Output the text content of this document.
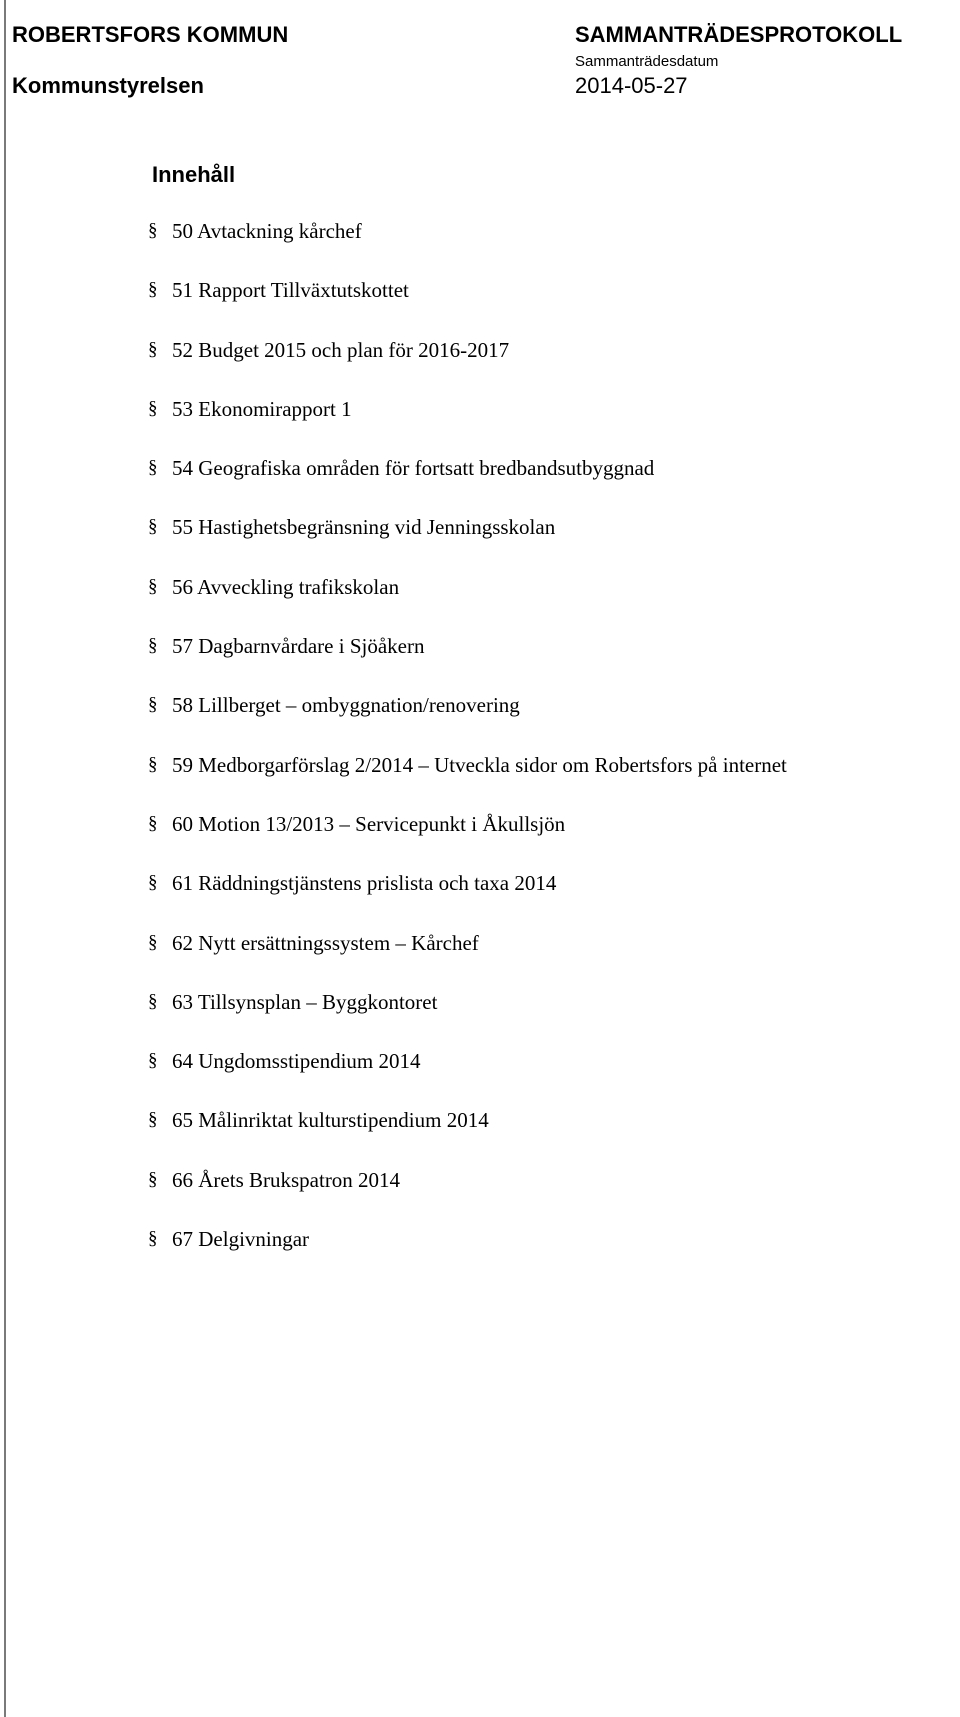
ROBERTSFORS KOMMUN
Kommunstyrelsen
SAMMANTRÄDESPROTOKOLL
Sammanträdesdatum
2014-05-27
Innehåll
§ 50 Avtackning kårchef
§ 51 Rapport Tillväxtutskottet
§ 52 Budget 2015 och plan för 2016-2017
§ 53 Ekonomirapport 1
§ 54 Geografiska områden för fortsatt bredbandsutbyggnad
§ 55 Hastighetsbegränsning vid Jenningsskolan
§ 56 Avveckling trafikskolan
§ 57 Dagbarnvårdare i Sjöåkern
§ 58 Lillberget – ombyggnation/renovering
§ 59 Medborgarförslag 2/2014 – Utveckla sidor om Robertsfors på internet
§ 60 Motion 13/2013 – Servicepunkt i Åkullsjön
§ 61 Räddningstjänstens prislista och taxa 2014
§ 62 Nytt ersättningssystem – Kårchef
§ 63 Tillsynsplan – Byggkontoret
§ 64 Ungdomsstipendium 2014
§ 65 Målinriktat kulturstipendium 2014
§ 66 Årets Brukspatron 2014
§ 67 Delgivningar
